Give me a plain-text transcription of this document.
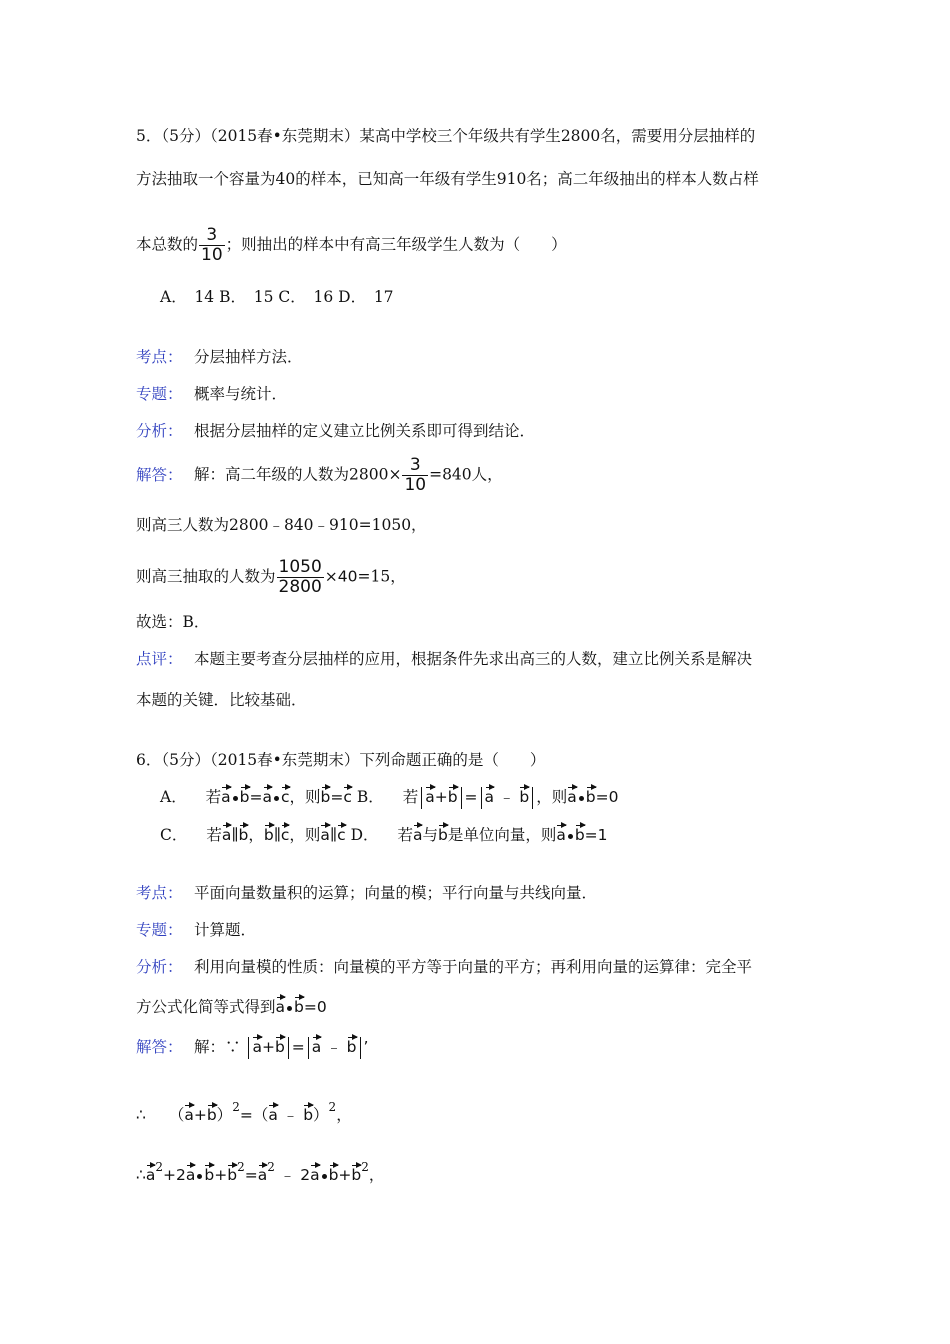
5．（5分）（2015春•东莞期末）某高中学校三个年级共有学生2800名，需要用分层抽样的
方法抽取一个容量为40的样本，已知高一年级有学生910名；高二年级抽出的样本人数占样
本总数的 $\frac{3}{10}$ ；则抽出的样本中有高三年级学生人数为（　　）
A．　14 B．　15 C．　16 D．　17
考点： 分层抽样方法．
专题： 概率与统计．
分析： 根据分层抽样的定义建立比例关系即可得到结论．
解答： 解：高二年级的人数为$2800\times \frac{3}{10} =840$人，
则高三人数为2800﹣840﹣910=1050，
则高三抽取的人数为 $\frac{1050}{2800} \times 40=15$，
故选：B．
点评： 本题主要考查分层抽样的应用，根据条件先求出高三的人数，建立比例关系是解决
本题的关键．比较基础．
6．（5分）（2015春•东莞期末）下列命题正确的是（　　）
A． 若a b=a c，则b=c B． 若 a+b = a ﹣ b ，则a b=0
C． 若a∥b，b∥c，则a∥c D． 若a与b是单位向量，则a b=1
考点： 平面向量数量积的运算；向量的模；平行向量与共线向量．
专题： 计算题．
分析： 利用向量模的性质：向量模的平方等于向量的平方；再利用向量的运算律：完全平
方公式化简等式得到a b=0
解答： 解：∵ a+b = a ﹣ b ’
∴ $(a+b)^2=(a$ ﹣ b）$^2$，
$\therefore a^2+2a$ $b+b^2=a^2$ ﹣ 2a $b+b^2$，
